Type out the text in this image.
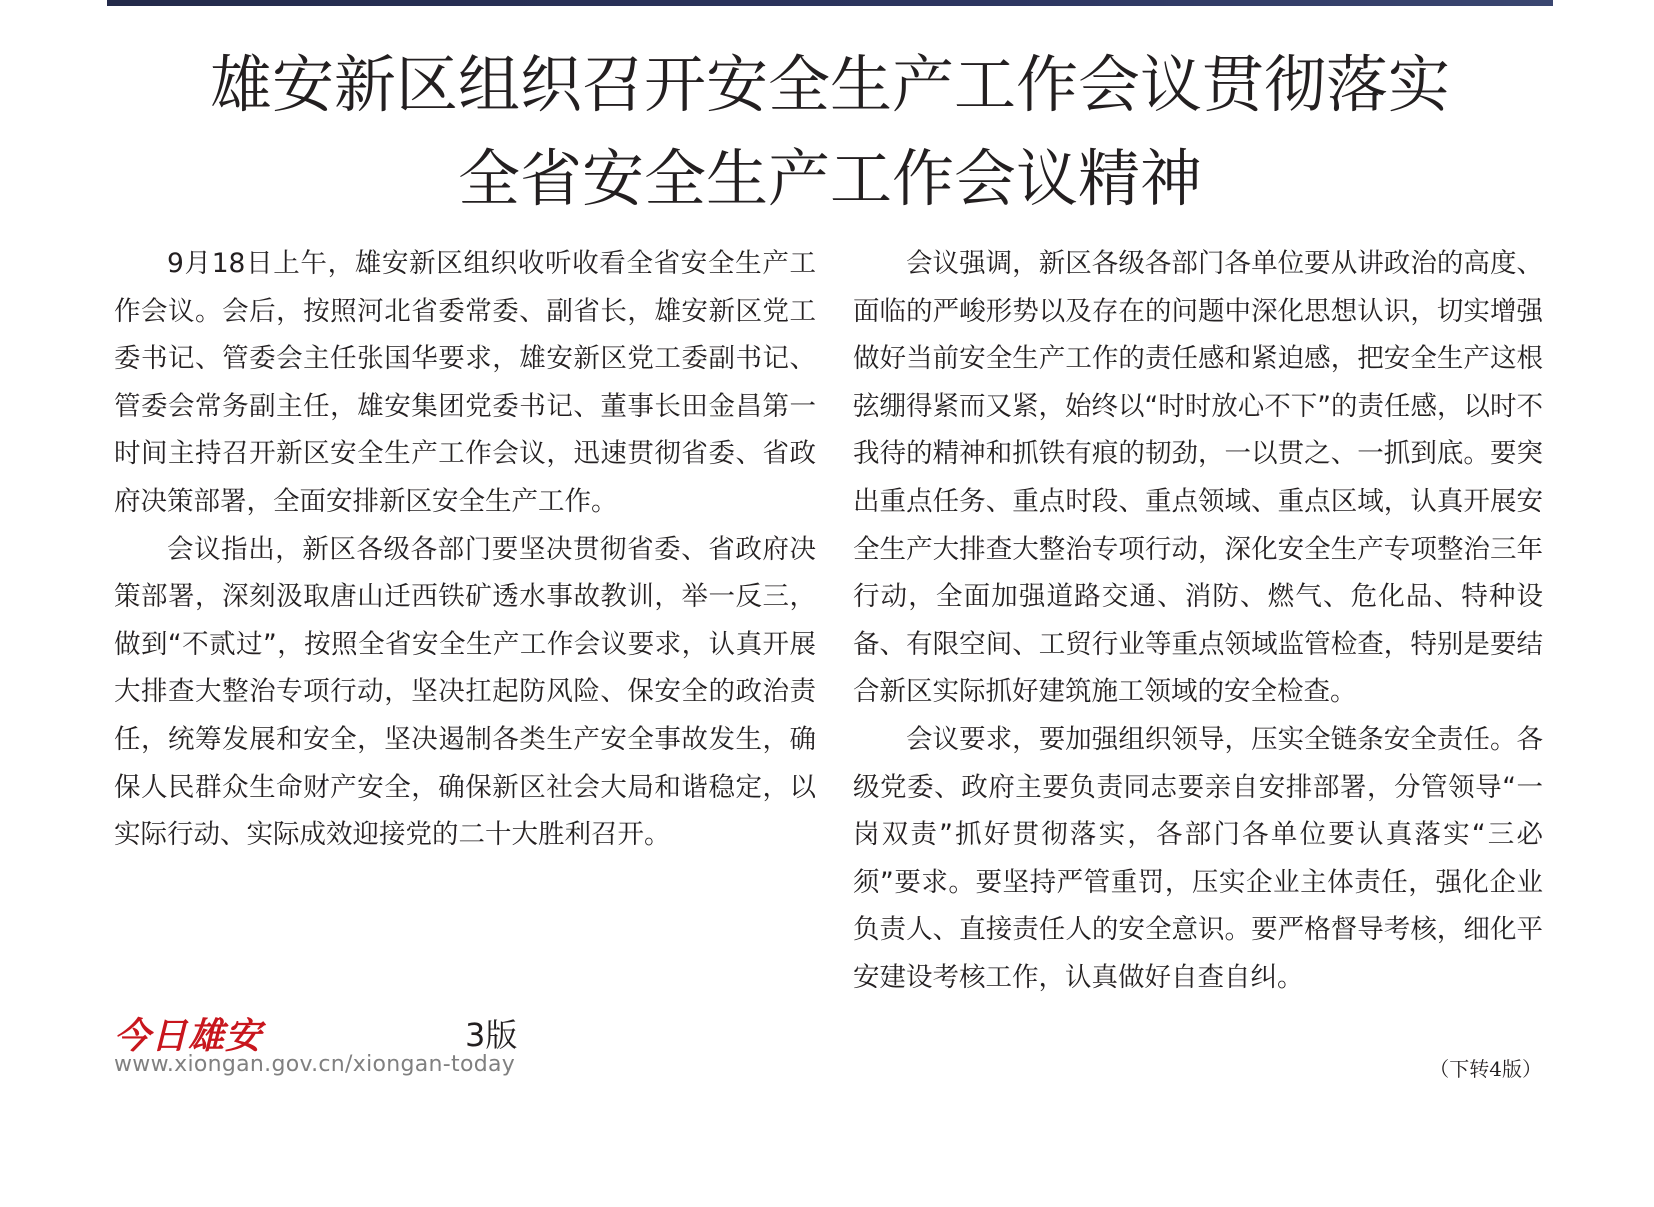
雄安新区组织召开安全生产工作会议贯彻落实
全省安全生产工作会议精神

9月18日上午，雄安新区组织收听收看全省安全生产工作会议。会后，按照河北省委常委、副省长，雄安新区党工委书记、管委会主任张国华要求，雄安新区党工委副书记、管委会常务副主任，雄安集团党委书记、董事长田金昌第一时间主持召开新区安全生产工作会议，迅速贯彻省委、省政府决策部署，全面安排新区安全生产工作。

会议指出，新区各级各部门要坚决贯彻省委、省政府决策部署，深刻汲取唐山迁西铁矿透水事故教训，举一反三，做到“不贰过”，按照全省安全生产工作会议要求，认真开展大排查大整治专项行动，坚决扛起防风险、保安全的政治责任，统筹发展和安全，坚决遏制各类生产安全事故发生，确保人民群众生命财产安全，确保新区社会大局和谐稳定，以实际行动、实际成效迎接党的二十大胜利召开。

会议强调，新区各级各部门各单位要从讲政治的高度、面临的严峻形势以及存在的问题中深化思想认识，切实增强做好当前安全生产工作的责任感和紧迫感，把安全生产这根弦绷得紧而又紧，始终以“时时放心不下”的责任感，以时不我待的精神和抓铁有痕的韧劲，一以贯之、一抓到底。要突出重点任务、重点时段、重点领域、重点区域，认真开展安全生产大排查大整治专项行动，深化安全生产专项整治三年行动，全面加强道路交通、消防、燃气、危化品、特种设备、有限空间、工贸行业等重点领域监管检查，特别是要结合新区实际抓好建筑施工领域的安全检查。

会议要求，要加强组织领导，压实全链条安全责任。各级党委、政府主要负责同志要亲自安排部署，分管领导“一岗双责”抓好贯彻落实，各部门各单位要认真落实“三必须”要求。要坚持严管重罚，压实企业主体责任，强化企业负责人、直接责任人的安全意识。要严格督导考核，细化平安建设考核工作，认真做好自查自纠。

（下转4版）
今日雄安	3版
www.xiongan.gov.cn/xiongan-today
